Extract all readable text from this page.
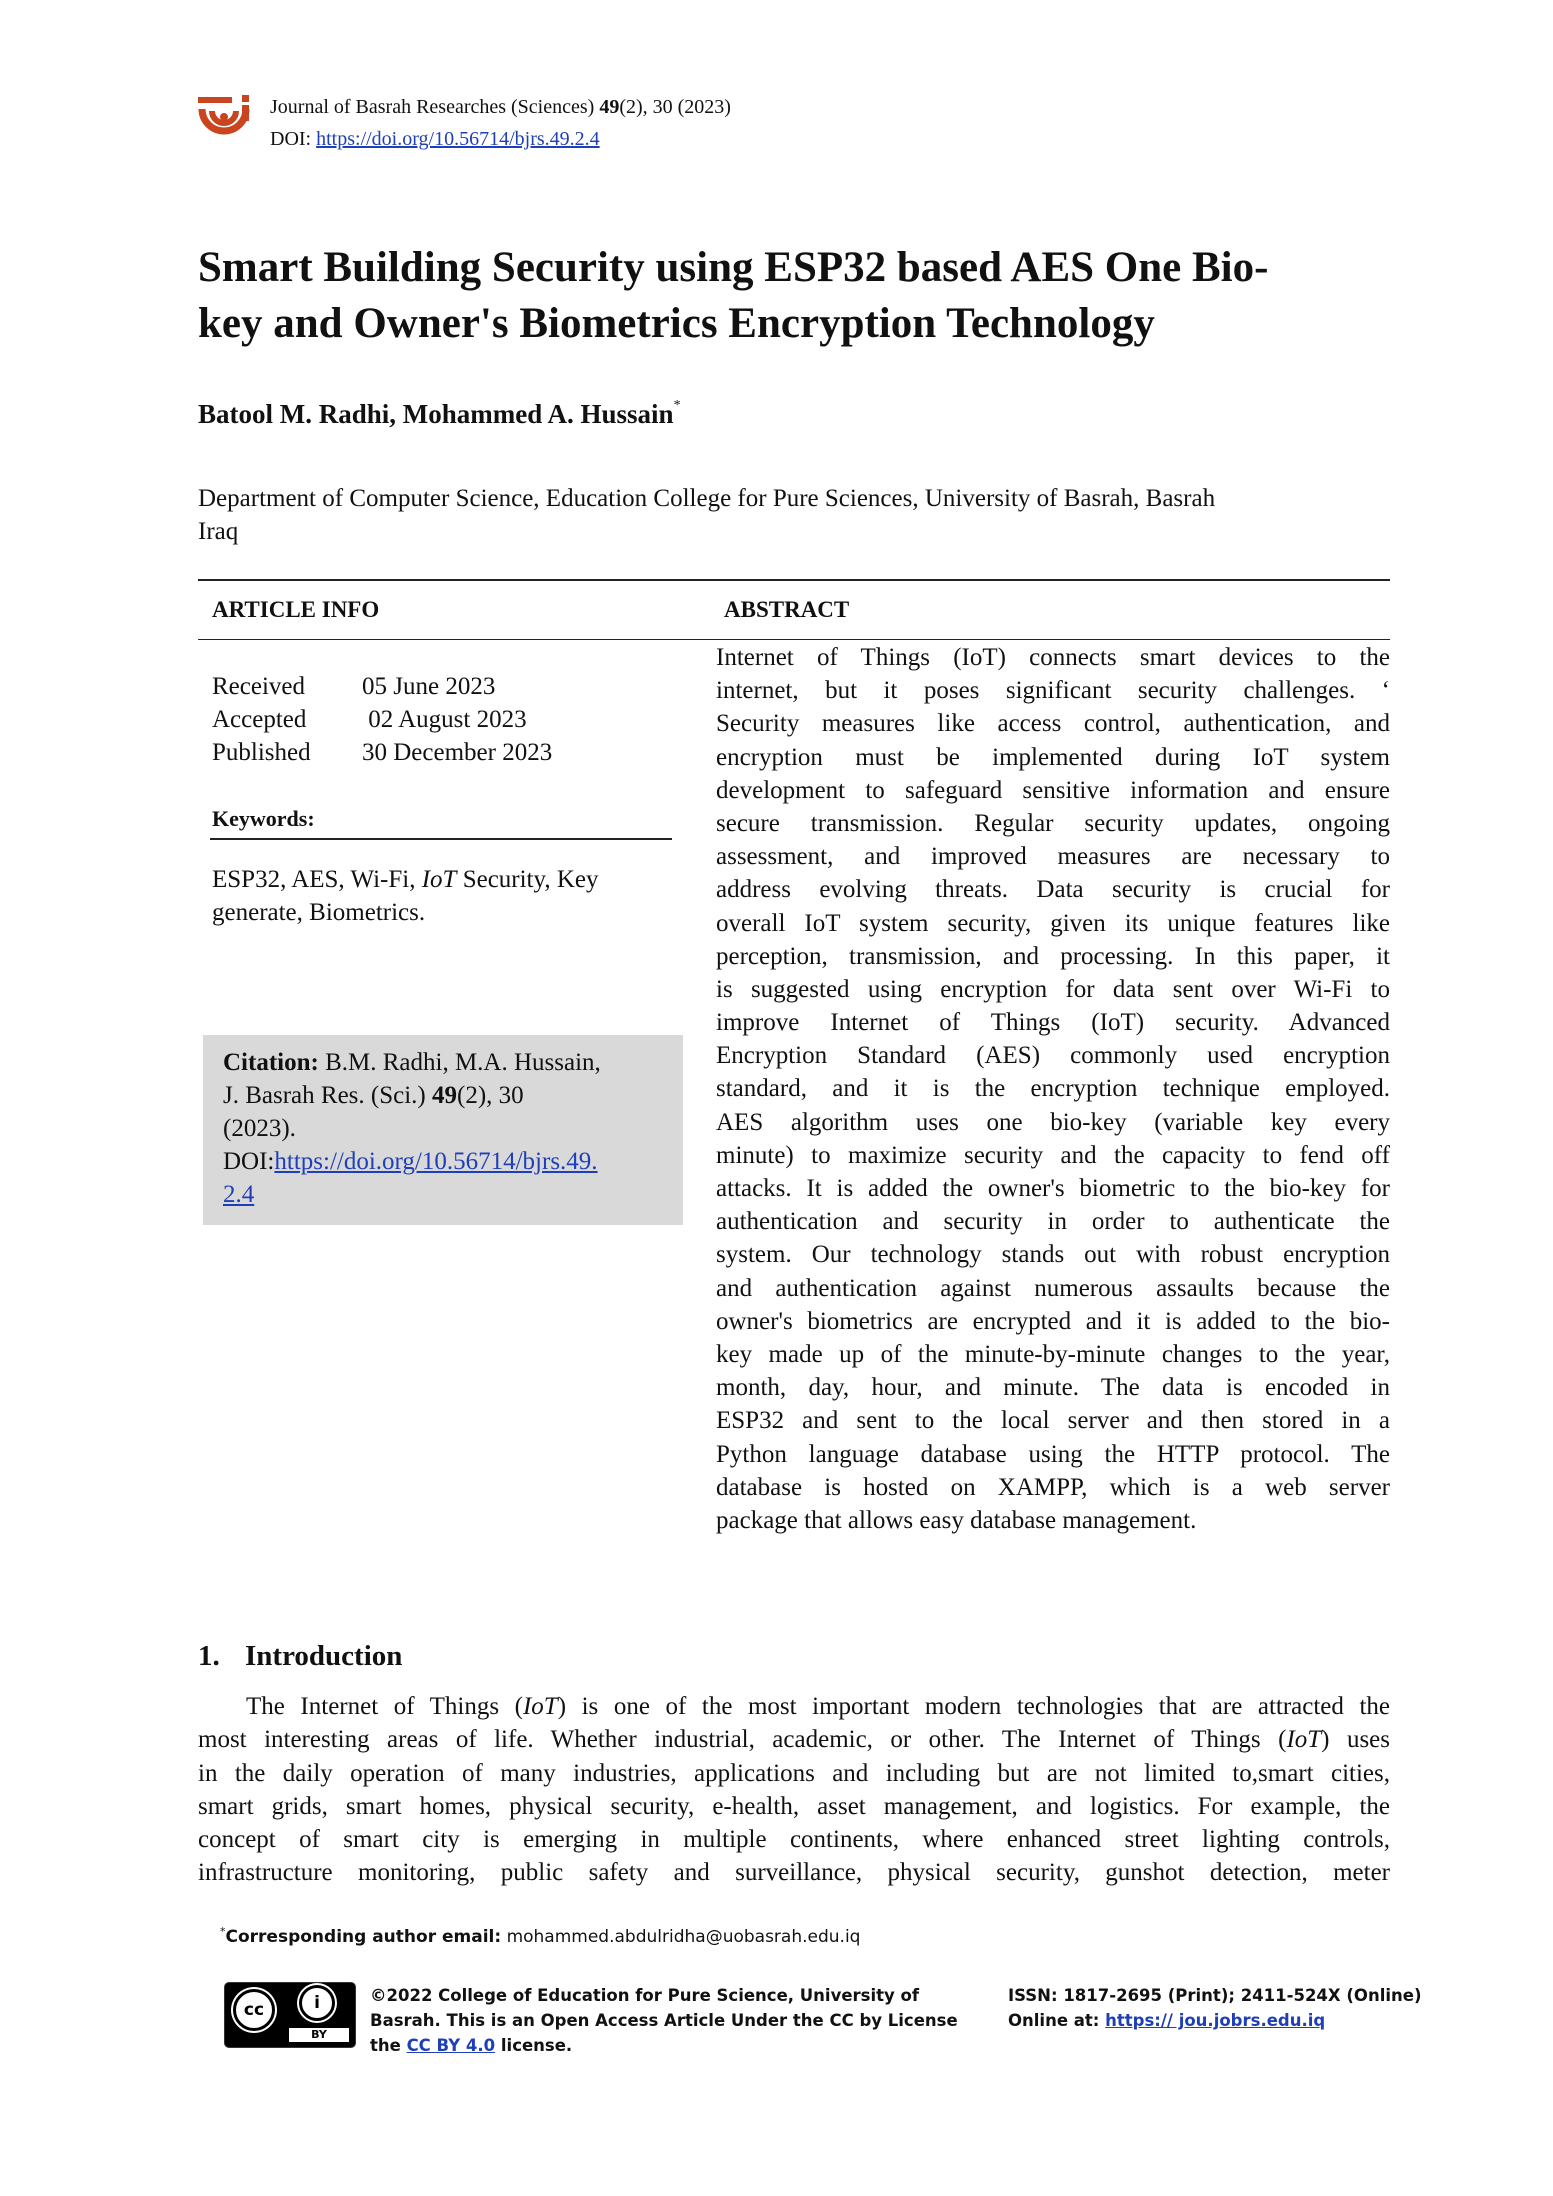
Journal of Basrah Researches (Sciences) 49(2), 30 (2023)
DOI: https://doi.org/10.56714/bjrs.49.2.4
Smart Building Security using ESP32 based AES One Bio-
key and Owner's Biometrics Encryption Technology
Batool M. Radhi, Mohammed A. Hussain*
Department of Computer Science, Education College for Pure Sciences, University of Basrah, Basrah
Iraq
ARTICLE INFO	ABSTRACT
Received 05 June 2023
Accepted 02 August 2023
Published 30 December 2023
Keywords:
ESP32, AES, Wi-Fi, IoT Security, Key
generate, Biometrics.
Citation: B.M. Radhi, M.A. Hussain,
J. Basrah Res. (Sci.) 49(2), 30
(2023).
DOI:https://doi.org/10.56714/bjrs.49.
2.4
Internet of Things (IoT) connects smart devices to the
internet, but it poses significant security challenges. ‘
Security measures like access control, authentication, and
encryption must be implemented during IoT system
development to safeguard sensitive information and ensure
secure transmission. Regular security updates, ongoing
assessment, and improved measures are necessary to
address evolving threats. Data security is crucial for
overall IoT system security, given its unique features like
perception, transmission, and processing. In this paper, it
is suggested using encryption for data sent over Wi-Fi to
improve Internet of Things (IoT) security. Advanced
Encryption Standard (AES) commonly used encryption
standard, and it is the encryption technique employed.
AES algorithm uses one bio-key (variable key every
minute) to maximize security and the capacity to fend off
attacks. It is added the owner's biometric to the bio-key for
authentication and security in order to authenticate the
system. Our technology stands out with robust encryption
and authentication against numerous assaults because the
owner's biometrics are encrypted and it is added to the bio-
key made up of the minute-by-minute changes to the year,
month, day, hour, and minute. The data is encoded in
ESP32 and sent to the local server and then stored in a
Python language database using the HTTP protocol. The
database is hosted on XAMPP, which is a web server
package that allows easy database management.
1. Introduction
The Internet of Things (IoT) is one of the most important modern technologies that are attracted the
most interesting areas of life. Whether industrial, academic, or other. The Internet of Things (IoT) uses
in the daily operation of many industries, applications and including but are not limited to,smart cities,
smart grids, smart homes, physical security, e-health, asset management, and logistics. For example, the
concept of smart city is emerging in multiple continents, where enhanced street lighting controls,
infrastructure monitoring, public safety and surveillance, physical security, gunshot detection, meter
*Corresponding author email: mohammed.abdulridha@uobasrah.edu.iq
cc	i
BY
©2022 College of Education for Pure Science, University of
Basrah. This is an Open Access Article Under the CC by License
the CC BY 4.0 license.
ISSN: 1817-2695 (Print); 2411-524X (Online)
Online at: https:// jou.jobrs.edu.iq
